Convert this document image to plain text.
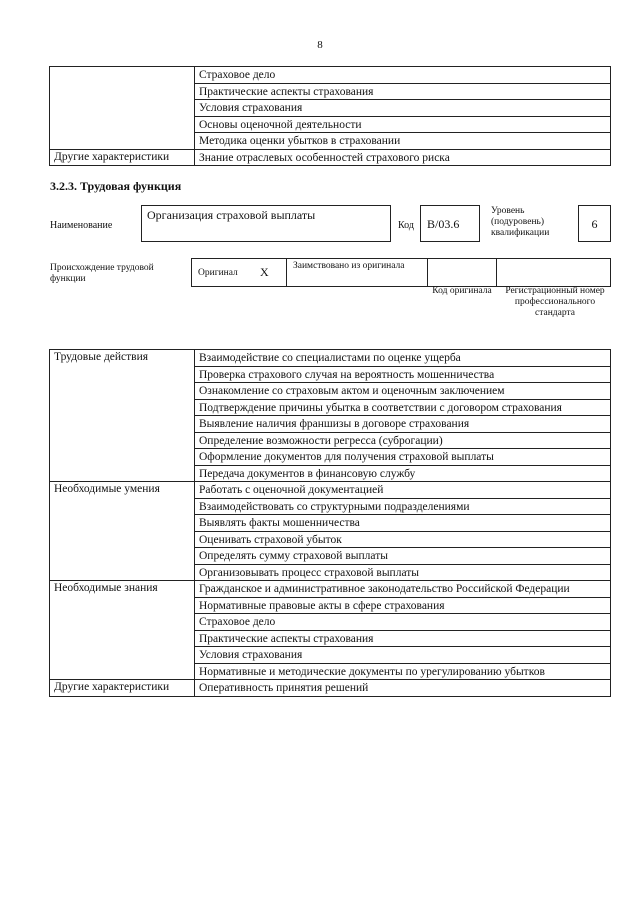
8
	Страховое дело
	Практические аспекты страхования
	Условия страхования
	Основы оценочной деятельности
	Методика оценки убытков в страховании
Другие характеристики	Знание отраслевых особенностей страхового риска
3.2.3. Трудовая функция
Наименование
Организация страховой выплаты
Код	B/03.6
Уровень (подуровень) квалификации
6
Происхождение трудовой функции
Оригинал X	Заимствовано из оригинала
Код оригинала	Регистрационный номер профессионального стандарта
Трудовые действия	Взаимодействие со специалистами по оценке ущерба
	Проверка страхового случая на вероятность мошенничества
	Ознакомление со страховым актом и оценочным заключением
	Подтверждение причины убытка в соответствии с договором страхования
	Выявление наличия франшизы в договоре страхования
	Определение возможности регресса (суброгации)
	Оформление документов для получения страховой выплаты
	Передача документов в финансовую службу
Необходимые умения	Работать с оценочной документацией
	Взаимодействовать со структурными подразделениями
	Выявлять факты мошенничества
	Оценивать страховой убыток
	Определять сумму страховой выплаты
	Организовывать процесс страховой выплаты
Необходимые знания	Гражданское и административное законодательство Российской Федерации
	Нормативные правовые акты в сфере страхования
	Страховое дело
	Практические аспекты страхования
	Условия страхования
	Нормативные и методические документы по урегулированию убытков
Другие характеристики	Оперативность принятия решений
